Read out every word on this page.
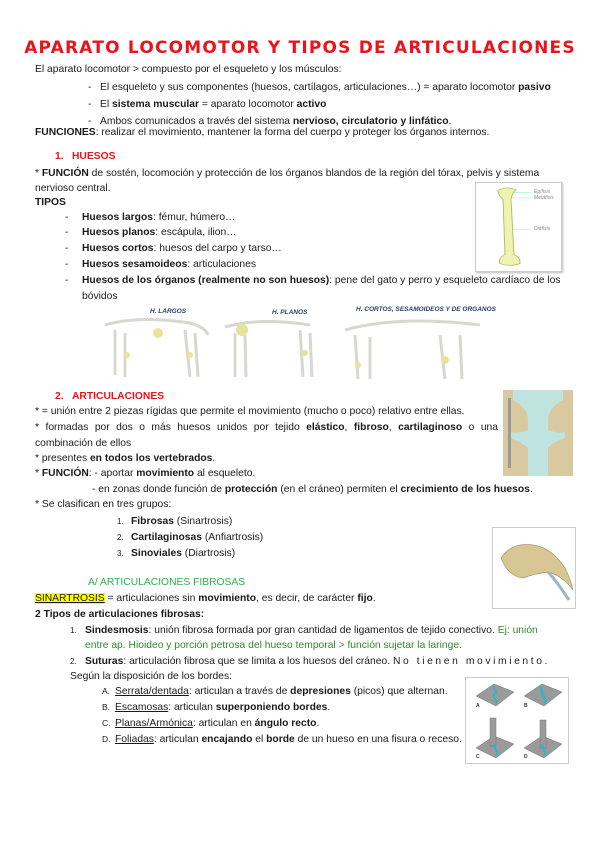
APARATO LOCOMOTOR Y TIPOS DE ARTICULACIONES
El aparato locomotor > compuesto por el esqueleto y los músculos:
- El esqueleto y sus componentes (huesos, cartílagos, articulaciones…) = aparato locomotor pasivo
- El sistema muscular = aparato locomotor activo
- Ambos comunicados a través del sistema nervioso, circulatorio y linfático.
FUNCIONES: realizar el movimiento, mantener la forma del cuerpo y proteger los órganos internos.
1. HUESOS
* FUNCIÓN de sostén, locomoción y protección de los órganos blandos de la región del tórax, pelvis y sistema
nervioso central.
TIPOS
- Huesos largos: fémur, húmero…
- Huesos planos: escápula, ilion…
- Huesos cortos: huesos del carpo y tarso…
- Huesos sesamoideos: articulaciones
- Huesos de los órganos (realmente no son huesos): pene del gato y perro y esqueleto cardíaco de los
bóvidos
Epífisis
Metáfisis
Diáfisis
H. LARGOS	H. PLANOS	H. CORTOS, SESAMOIDEOS Y DE ORGANOS
2. ARTICULACIONES
* = unión entre 2 piezas rígidas que permite el movimiento (mucho o poco) relativo entre ellas.
* formadas por dos o más huesos unidos por tejido elástico, fibroso, cartilaginoso o una
combinación de ellos
* presentes en todos los vertebrados.
* FUNCIÓN: - aportar movimiento al esqueleto.
- en zonas donde función de protección (en el cráneo) permiten el crecimiento de los huesos.
* Se clasifican en tres grupos:
1. Fibrosas (Sinartrosis)
2. Cartilaginosas (Anfiartrosis)
3. Sinoviales (Diartrosis)
A/ ARTICULACIONES FIBROSAS
SINARTROSIS = articulaciones sin movimiento, es decir, de carácter fijo.
2 Tipos de articulaciones fibrosas:
1. Sindesmosis: unión fibrosa formada por gran cantidad de ligamentos de tejido conectivo. Ej: unión
entre ap. Hioideo y porción petrosa del hueso temporal > función sujetar la laringe.
2. Suturas: articulación fibrosa que se limita a los huesos del cráneo. No tienen movimiento.
Según la disposición de los bordes:
A. Serrata/dentada: articulan a través de depresiones (picos) que alternan.
B. Escamosas: articulan superponiendo bordes.
C. Planas/Armónica: articulan en ángulo recto.
D. Foliadas: articulan encajando el borde de un hueso en una fisura o receso.
A	B
C	D
